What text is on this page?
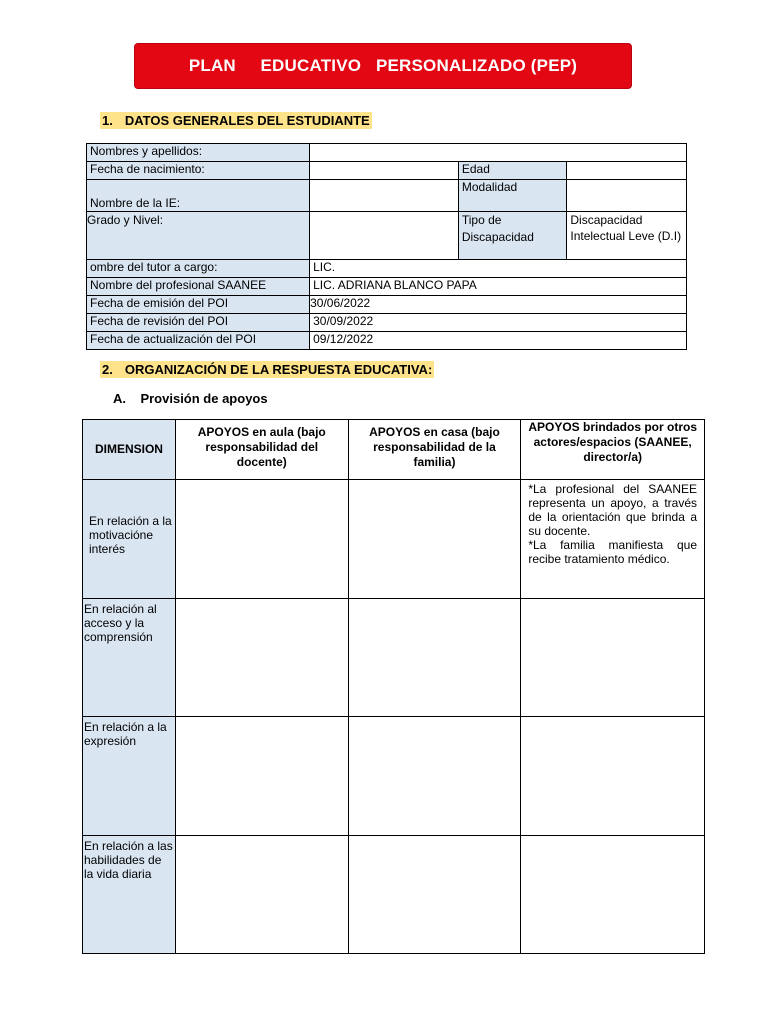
PLAN     EDUCATIVO   PERSONALIZADO (PEP)
1. DATOS GENERALES DEL ESTUDIANTE
Nombres y apellidos:			
Fecha de nacimiento:		Edad	
Nombre de la IE:		Modalidad	
Grado y Nivel:		Tipo de Discapacidad	Discapacidad Intelectual Leve (D.I)
ombre del tutor a cargo:	LIC.		
Nombre del profesional SAANEE	LIC. ADRIANA BLANCO PAPA		
Fecha de emisión del POI	30/06/2022		
Fecha de revisión del POI	30/09/2022		
Fecha de actualización del POI	09/12/2022		
2. ORGANIZACIÓN DE LA RESPUESTA EDUCATIVA:
A.    Provisión de apoyos
DIMENSION	APOYOS en aula (bajo responsabilidad del docente)	APOYOS en casa (bajo responsabilidad de la familia)	APOYOS brindados por otros actores/espacios (SAANEE, director/a)
En relación a la motivacióne interés			*La profesional del SAANEE representa un apoyo, a través de la orientación que brinda a su docente.
*La familia manifiesta que recibe tratamiento médico.
En relación al acceso y la comprensión			
En relación a la expresión			
En relación a las habilidades de la vida diaria			
